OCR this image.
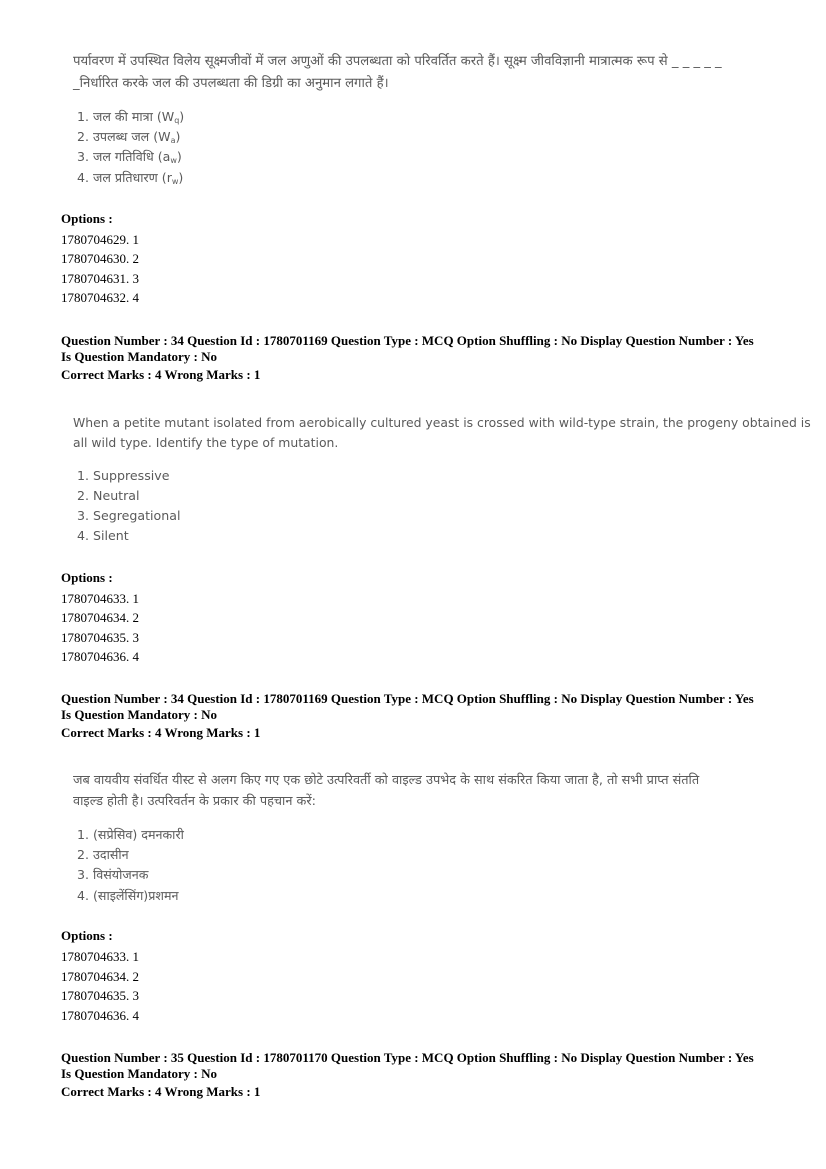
पर्यावरण में उपस्थित विलेय सूक्ष्मजीवों में जल अणुओं की उपलब्धता को परिवर्तित करते हैं। सूक्ष्म जीवविज्ञानी मात्रात्मक रूप से _ _ _ _ _
_निर्धारित करके जल की उपलब्धता की डिग्री का अनुमान लगाते हैं।
1. जल की मात्रा $(W_q)$
2. उपलब्ध जल $(W_a)$
3. जल गतिविधि $(a_w)$
4. जल प्रतिधारण $(r_w)$
Options :
1780704629. 1
1780704630. 2
1780704631. 3
1780704632. 4
Question Number : 34 Question Id : 1780701169 Question Type : MCQ Option Shuffling : No Display Question Number : Yes
Is Question Mandatory : No
Correct Marks : 4 Wrong Marks : 1
When a petite mutant isolated from aerobically cultured yeast is crossed with wild-type strain, the progeny obtained is
all wild type. Identify the type of mutation.
1. Suppressive
2. Neutral
3. Segregational
4. Silent
Options :
1780704633. 1
1780704634. 2
1780704635. 3
1780704636. 4
Question Number : 34 Question Id : 1780701169 Question Type : MCQ Option Shuffling : No Display Question Number : Yes
Is Question Mandatory : No
Correct Marks : 4 Wrong Marks : 1
जब वायवीय संवर्धित यीस्ट से अलग किए गए एक छोटे उत्परिवर्ती को वाइल्ड उपभेद के साथ संकरित किया जाता है, तो सभी प्राप्त संतति
वाइल्ड होती है। उत्परिवर्तन के प्रकार की पहचान करें:
1. (सप्रेसिव) दमनकारी
2. उदासीन
3. विसंयोजनक
4. (साइलेंसिंग)प्रशमन
Options :
1780704633. 1
1780704634. 2
1780704635. 3
1780704636. 4
Question Number : 35 Question Id : 1780701170 Question Type : MCQ Option Shuffling : No Display Question Number : Yes
Is Question Mandatory : No
Correct Marks : 4 Wrong Marks : 1
